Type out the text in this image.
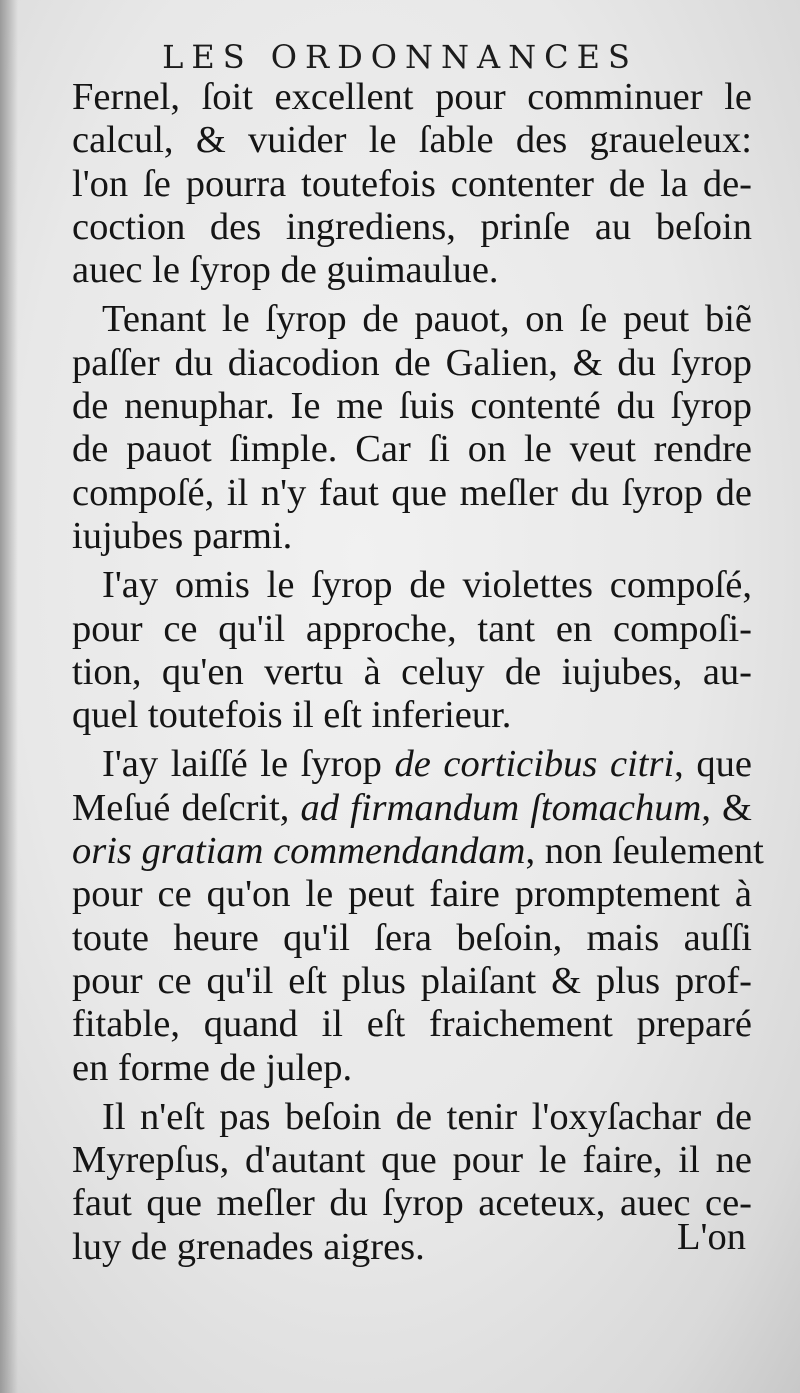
LES ORDONNANCES
Fernel, ſoit excellent pour comminuer le
calcul, & vuider le ſable des graueleux:
l'on ſe pourra toutefois contenter de la de-
coction des ingrediens, prinſe au beſoin
auec le ſyrop de guimaulue.
Tenant le ſyrop de pauot, on ſe peut biẽ
paſſer du diacodion de Galien, & du ſyrop
de nenuphar. Ie me ſuis contenté du ſyrop
de pauot ſimple. Car ſi on le veut rendre
compoſé, il n'y faut que meſler du ſyrop de
iujubes parmi.
I'ay omis le ſyrop de violettes compoſé,
pour ce qu'il approche, tant en compoſi-
tion, qu'en vertu à celuy de iujubes, au-
quel toutefois il eſt inferieur.
I'ay laiſſé le ſyrop de corticibus citri, que
Meſué deſcrit, ad firmandum ſtomachum, &
oris gratiam commendandam, non ſeulement
pour ce qu'on le peut faire promptement à
toute heure qu'il ſera beſoin, mais auſſi
pour ce qu'il eſt plus plaiſant & plus prof-
fitable, quand il eſt fraichement preparé
en forme de julep.
Il n'eſt pas beſoin de tenir l'oxyſachar de
Myrepſus, d'autant que pour le faire, il ne
faut que meſler du ſyrop aceteux, auec ce-
luy de grenades aigres.	L'on
